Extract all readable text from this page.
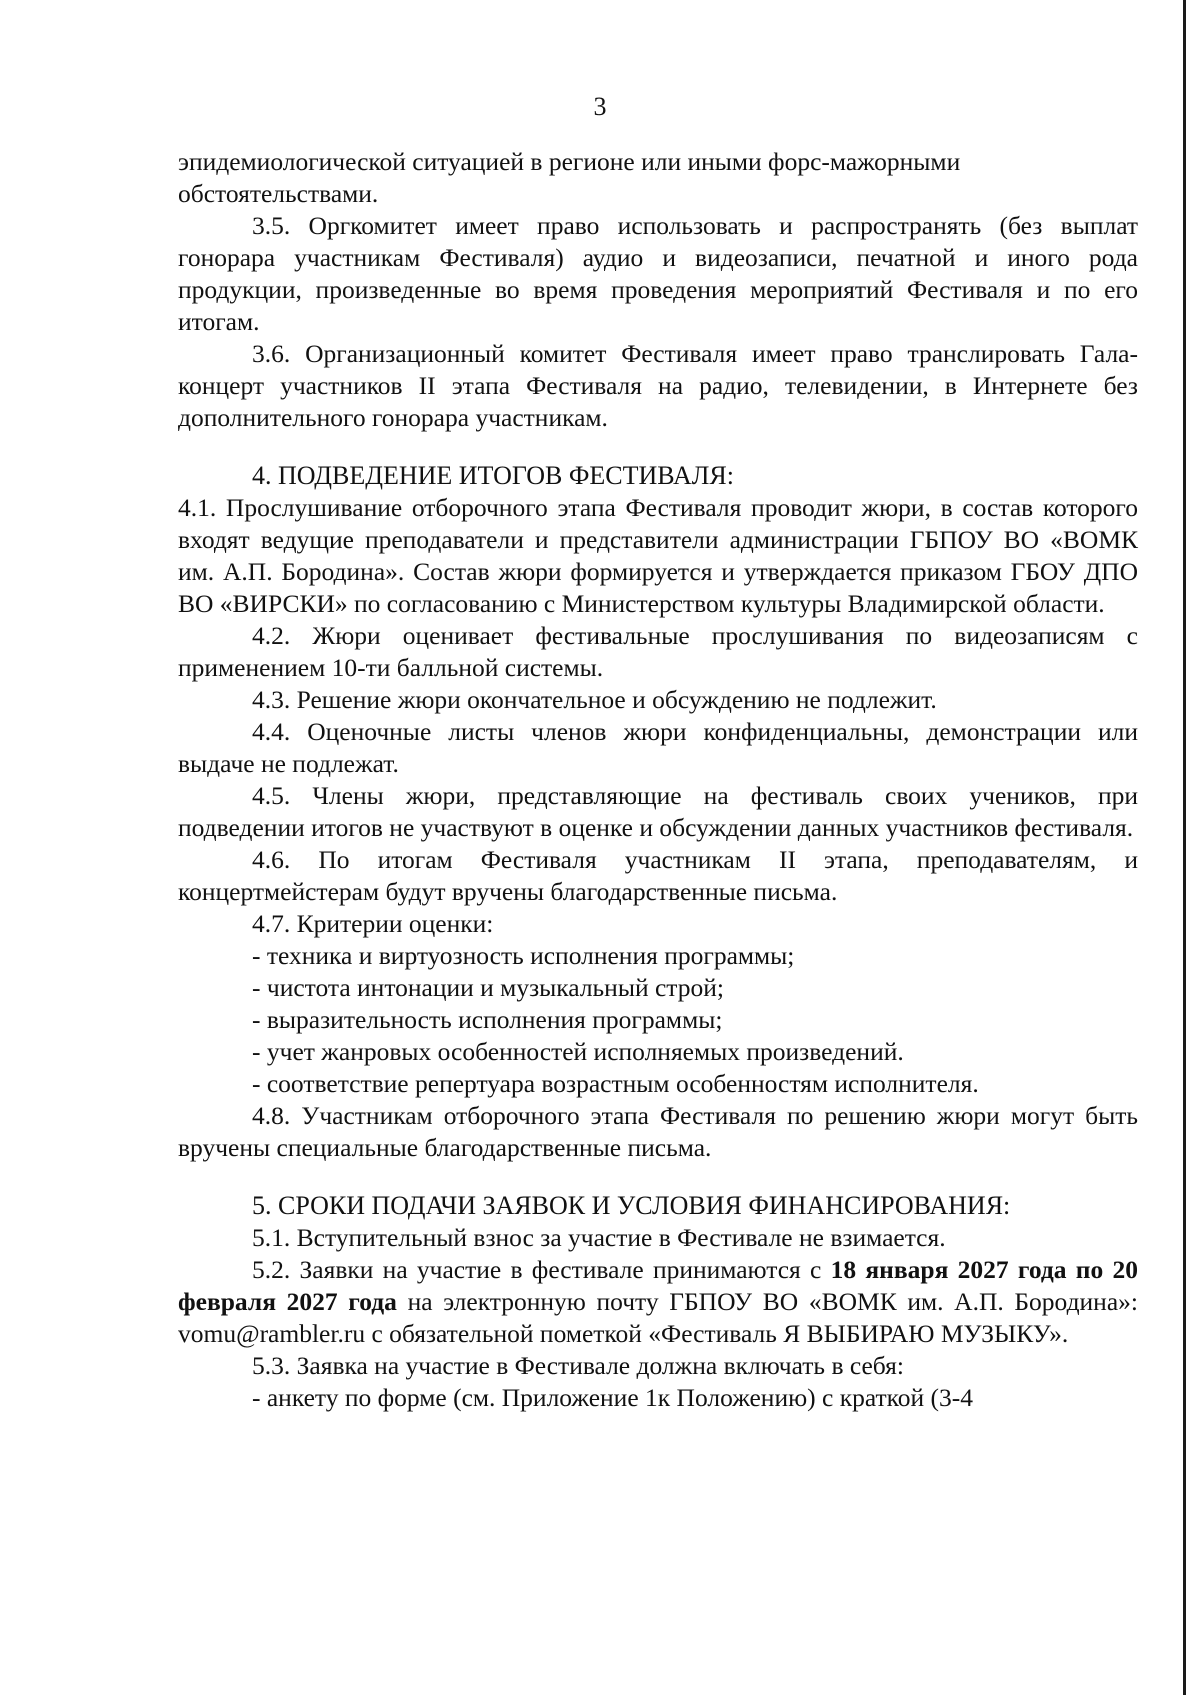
3

эпидемиологической ситуацией в регионе или иными форс-мажорными обстоятельствами.

3.5. Оргкомитет имеет право использовать и распространять (без выплат гонорара участникам Фестиваля) аудио и видеозаписи, печатной и иного рода продукции, произведенные во время проведения мероприятий Фестиваля и по его итогам.

3.6. Организационный комитет Фестиваля имеет право транслировать Гала-концерт участников II этапа Фестиваля на радио, телевидении, в Интернете без дополнительного гонорара участникам.

4. ПОДВЕДЕНИЕ ИТОГОВ ФЕСТИВАЛЯ:

4.1. Прослушивание отборочного этапа Фестиваля проводит жюри, в состав которого входят ведущие преподаватели и представители администрации ГБПОУ ВО «ВОМК им. А.П. Бородина». Состав жюри формируется и утверждается приказом ГБОУ ДПО ВО «ВИРСКИ» по согласованию с Министерством культуры Владимирской области.

4.2. Жюри оценивает фестивальные прослушивания по видеозаписям с применением 10-ти балльной системы.

4.3. Решение жюри окончательное и обсуждению не подлежит.

4.4. Оценочные листы членов жюри конфиденциальны, демонстрации или выдаче не подлежат.

4.5. Члены жюри, представляющие на фестиваль своих учеников, при подведении итогов не участвуют в оценке и обсуждении данных участников фестиваля.

4.6. По итогам Фестиваля участникам II этапа, преподавателям, и концертмейстерам будут вручены благодарственные письма.

4.7. Критерии оценки:

- техника и виртуозность исполнения программы;

- чистота интонации и музыкальный строй;

- выразительность исполнения программы;

- учет жанровых особенностей исполняемых произведений.

- соответствие репертуара возрастным особенностям исполнителя.

4.8. Участникам отборочного этапа Фестиваля по решению жюри могут быть вручены специальные благодарственные письма.

5. СРОКИ ПОДАЧИ ЗАЯВОК И УСЛОВИЯ ФИНАНСИРОВАНИЯ:

5.1. Вступительный взнос за участие в Фестивале не взимается.

5.2. Заявки на участие в фестивале принимаются с 18 января 2027 года по 20 февраля 2027 года на электронную почту ГБПОУ ВО «ВОМК им. А.П. Бородина»: vomu@rambler.ru с обязательной пометкой «Фестиваль Я ВЫБИРАЮ МУЗЫКУ».

5.3. Заявка на участие в Фестивале должна включать в себя:

- анкету по форме (см. Приложение 1к Положению) с краткой (3-4
